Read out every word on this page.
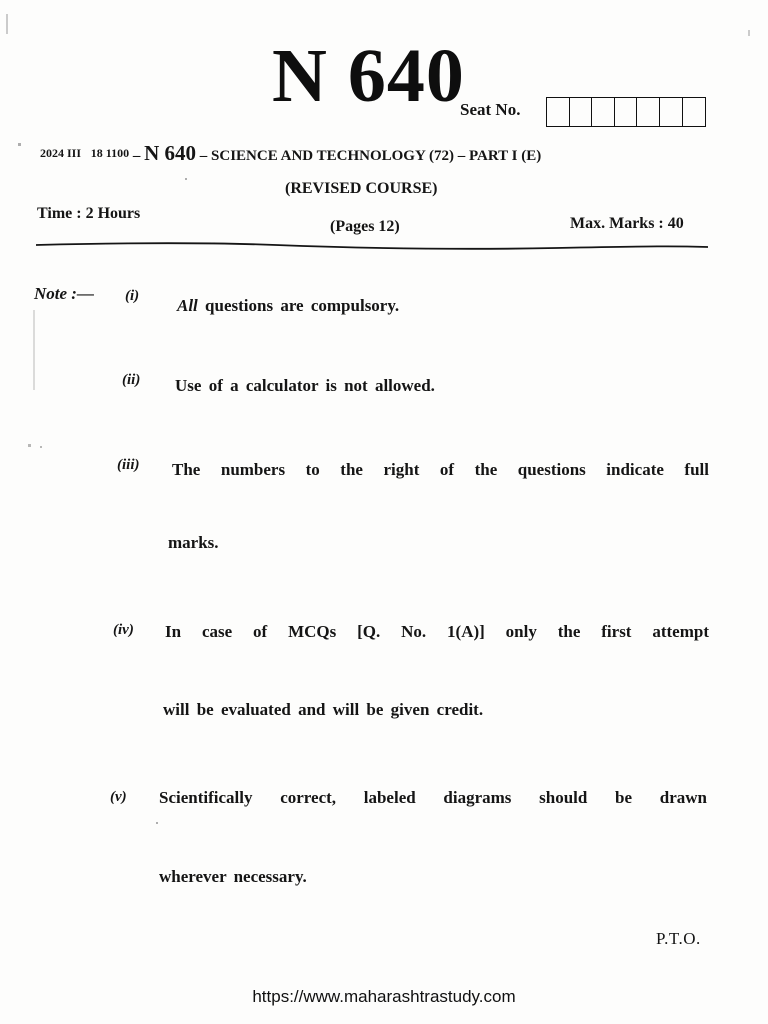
N 640
Seat No.
$^{2024 III}$ $^{18 1100}$ – N 640 – SCIENCE AND TECHNOLOGY (72) – PART I (E)
(REVISED COURSE)
Time : 2 Hours
(Pages 12)	Max. Marks : 40
Note :— (i) All questions are compulsory.
(ii) Use of a calculator is not allowed.
(iii) The numbers to the right of the questions indicate full
marks.
(iv) In case of MCQs [Q. No. 1(A)] only the first attempt
will be evaluated and will be given credit.
(v) Scientifically correct, labeled diagrams should be drawn
wherever necessary.
P.T.O.
https://www.maharashtrastudy.com
